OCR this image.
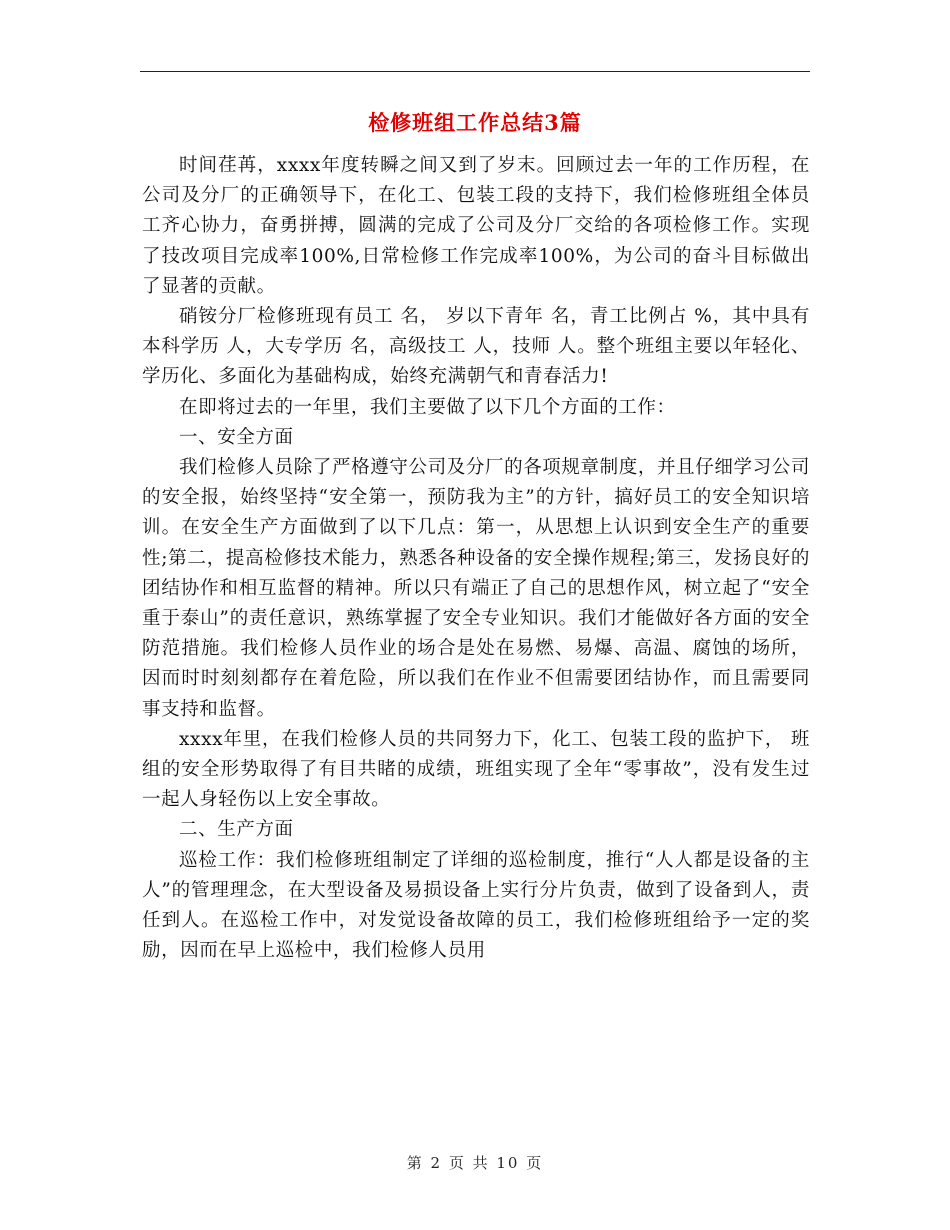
检修班组工作总结3篇

时间荏苒，xxxx年度转瞬之间又到了岁末。回顾过去一年的工作历程，在公司及分厂的正确领导下，在化工、包装工段的支持下，我们检修班组全体员工齐心协力，奋勇拼搏，圆满的完成了公司及分厂交给的各项检修工作。实现了技改项目完成率100%,日常检修工作完成率100%，为公司的奋斗目标做出了显著的贡献。

硝铵分厂检修班现有员工 名， 岁以下青年 名，青工比例占 %，其中具有本科学历 人，大专学历 名，高级技工 人，技师 人。整个班组主要以年轻化、学历化、多面化为基础构成，始终充满朝气和青春活力!

在即将过去的一年里，我们主要做了以下几个方面的工作：

一、安全方面

我们检修人员除了严格遵守公司及分厂的各项规章制度，并且仔细学习公司的安全报，始终坚持“安全第一，预防我为主”的方针，搞好员工的安全知识培训。在安全生产方面做到了以下几点：第一，从思想上认识到安全生产的重要性;第二，提高检修技术能力，熟悉各种设备的安全操作规程;第三，发扬良好的团结协作和相互监督的精神。所以只有端正了自己的思想作风，树立起了“安全重于泰山”的责任意识，熟练掌握了安全专业知识。我们才能做好各方面的安全防范措施。我们检修人员作业的场合是处在易燃、易爆、高温、腐蚀的场所，因而时时刻刻都存在着危险，所以我们在作业不但需要团结协作，而且需要同事支持和监督。

xxxx年里，在我们检修人员的共同努力下，化工、包装工段的监护下， 班组的安全形势取得了有目共睹的成绩，班组实现了全年“零事故”，没有发生过一起人身轻伤以上安全事故。

二、生产方面

巡检工作：我们检修班组制定了详细的巡检制度，推行“人人都是设备的主人”的管理理念，在大型设备及易损设备上实行分片负责，做到了设备到人，责任到人。在巡检工作中，对发觉设备故障的员工，我们检修班组给予一定的奖励，因而在早上巡检中，我们检修人员用

第 2 页 共 10 页
